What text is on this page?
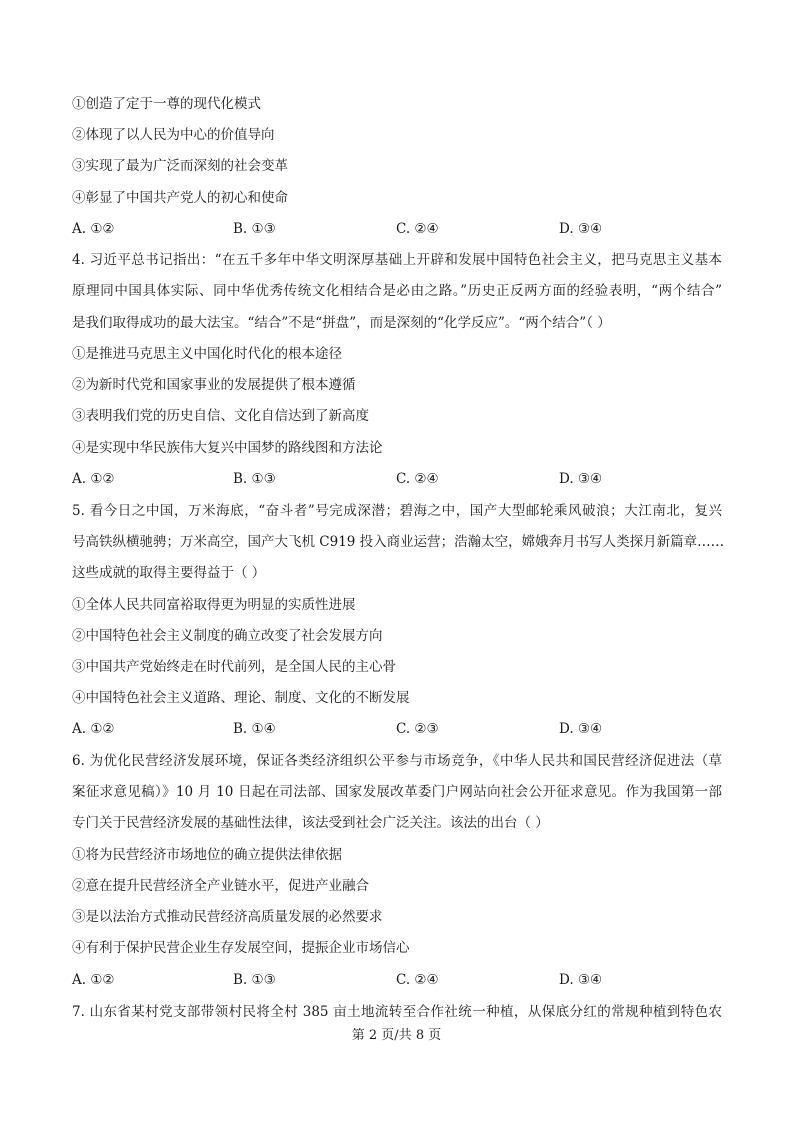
①创造了定于一尊的现代化模式
②体现了以人民为中心的价值导向
③实现了最为广泛而深刻的社会变革
④彰显了中国共产党人的初心和使命
A. ①②	B. ①③	C. ②④	D. ③④
4. 习近平总书记指出：“在五千多年中华文明深厚基础上开辟和发展中国特色社会主义，把马克思主义基本
原理同中国具体实际、同中华优秀传统文化相结合是必由之路。”历史正反两方面的经验表明，“两个结合”
是我们取得成功的最大法宝。“结合”不是“拼盘”，而是深刻的“化学反应”。“两个结合”（ ）
①是推进马克思主义中国化时代化的根本途径
②为新时代党和国家事业的发展提供了根本遵循
③表明我们党的历史自信、文化自信达到了新高度
④是实现中华民族伟大复兴中国梦的路线图和方法论
A. ①②	B. ①③	C. ②④	D. ③④
5. 看今日之中国，万米海底，“奋斗者”号完成深潜；碧海之中，国产大型邮轮乘风破浪；大江南北，复兴
号高铁纵横驰骋；万米高空，国产大飞机 C919 投入商业运营；浩瀚太空，嫦娥奔月书写人类探月新篇章……
这些成就的取得主要得益于（ ）
①全体人民共同富裕取得更为明显的实质性进展
②中国特色社会主义制度的确立改变了社会发展方向
③中国共产党始终走在时代前列，是全国人民的主心骨
④中国特色社会主义道路、理论、制度、文化的不断发展
A. ①②	B. ①④	C. ②③	D. ③④
6. 为优化民营经济发展环境，保证各类经济组织公平参与市场竞争，《中华人民共和国民营经济促进法（草
案征求意见稿）》10 月 10 日起在司法部、国家发展改革委门户网站向社会公开征求意见。作为我国第一部
专门关于民营经济发展的基础性法律，该法受到社会广泛关注。该法的出台（ ）
①将为民营经济市场地位的确立提供法律依据
②意在提升民营经济全产业链水平，促进产业融合
③是以法治方式推动民营经济高质量发展的必然要求
④有利于保护民营企业生存发展空间，提振企业市场信心
A. ①②	B. ①③	C. ②④	D. ③④
7. 山东省某村党支部带领村民将全村 385 亩土地流转至合作社统一种植，从保底分红的常规种植到特色农
第 2 页/共 8 页
